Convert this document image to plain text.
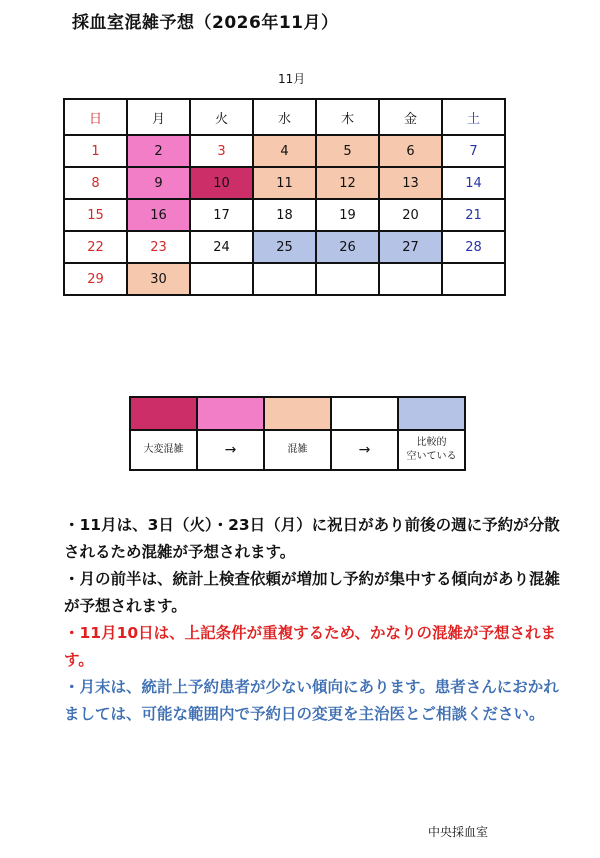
採血室混雑予想（2026年11月）
11月
日	月	火	水	木	金	土
1	2	3	4	5	6	7
8	9	10	11	12	13	14
15	16	17	18	19	20	21
22	23	24	25	26	27	28
29	30					

大変混雑	→	混雑	→	比較的
空いている

・11月は、3日（火）・23日（月）に祝日があり前後の週に予約が分散されるため混雑が予想されます。

・月の前半は、統計上検査依頼が増加し予約が集中する傾向があり混雑が予想されます。

・11月10日は、上記条件が重複するため、かなりの混雑が予想されます。

・月末は、統計上予約患者が少ない傾向にあります。患者さんにおかれましては、可能な範囲内で予約日の変更を主治医とご相談ください。

中央採血室
